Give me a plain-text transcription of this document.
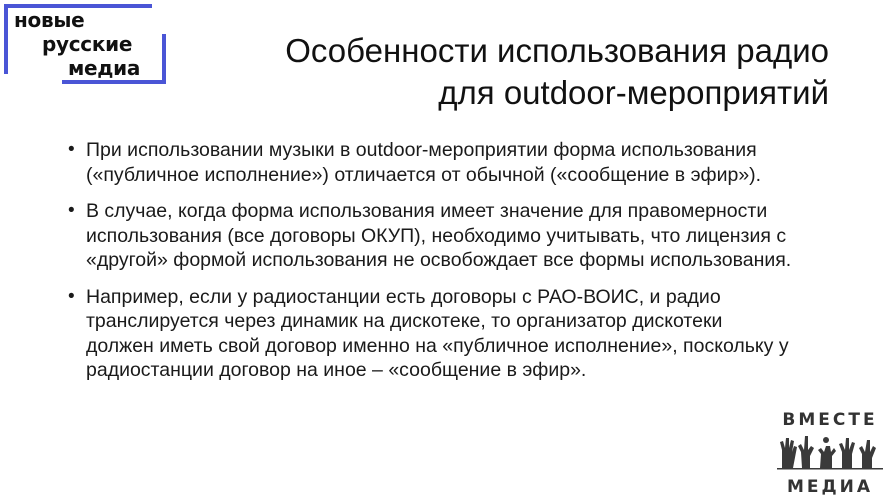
новые
русские
медиа	Особенности использования радио
для outdoor-мероприятий
• При использовании музыки в outdoor-мероприятии форма использования («публичное исполнение») отличается от обычной («сообщение в эфир»).
• В случае, когда форма использования имеет значение для правомерности использования (все договоры ОКУП), необходимо учитывать, что лицензия с «другой» формой использования не освобождает все формы использования.
• Например, если у радиостанции есть договоры с РАО-ВОИС, и радио транслируется через динамик на дискотеке, то организатор дискотеки должен иметь свой договор именно на «публичное исполнение», поскольку у радиостанции договор на иное – «сообщение в эфир».
ВМЕСТЕ
МЕДИА
